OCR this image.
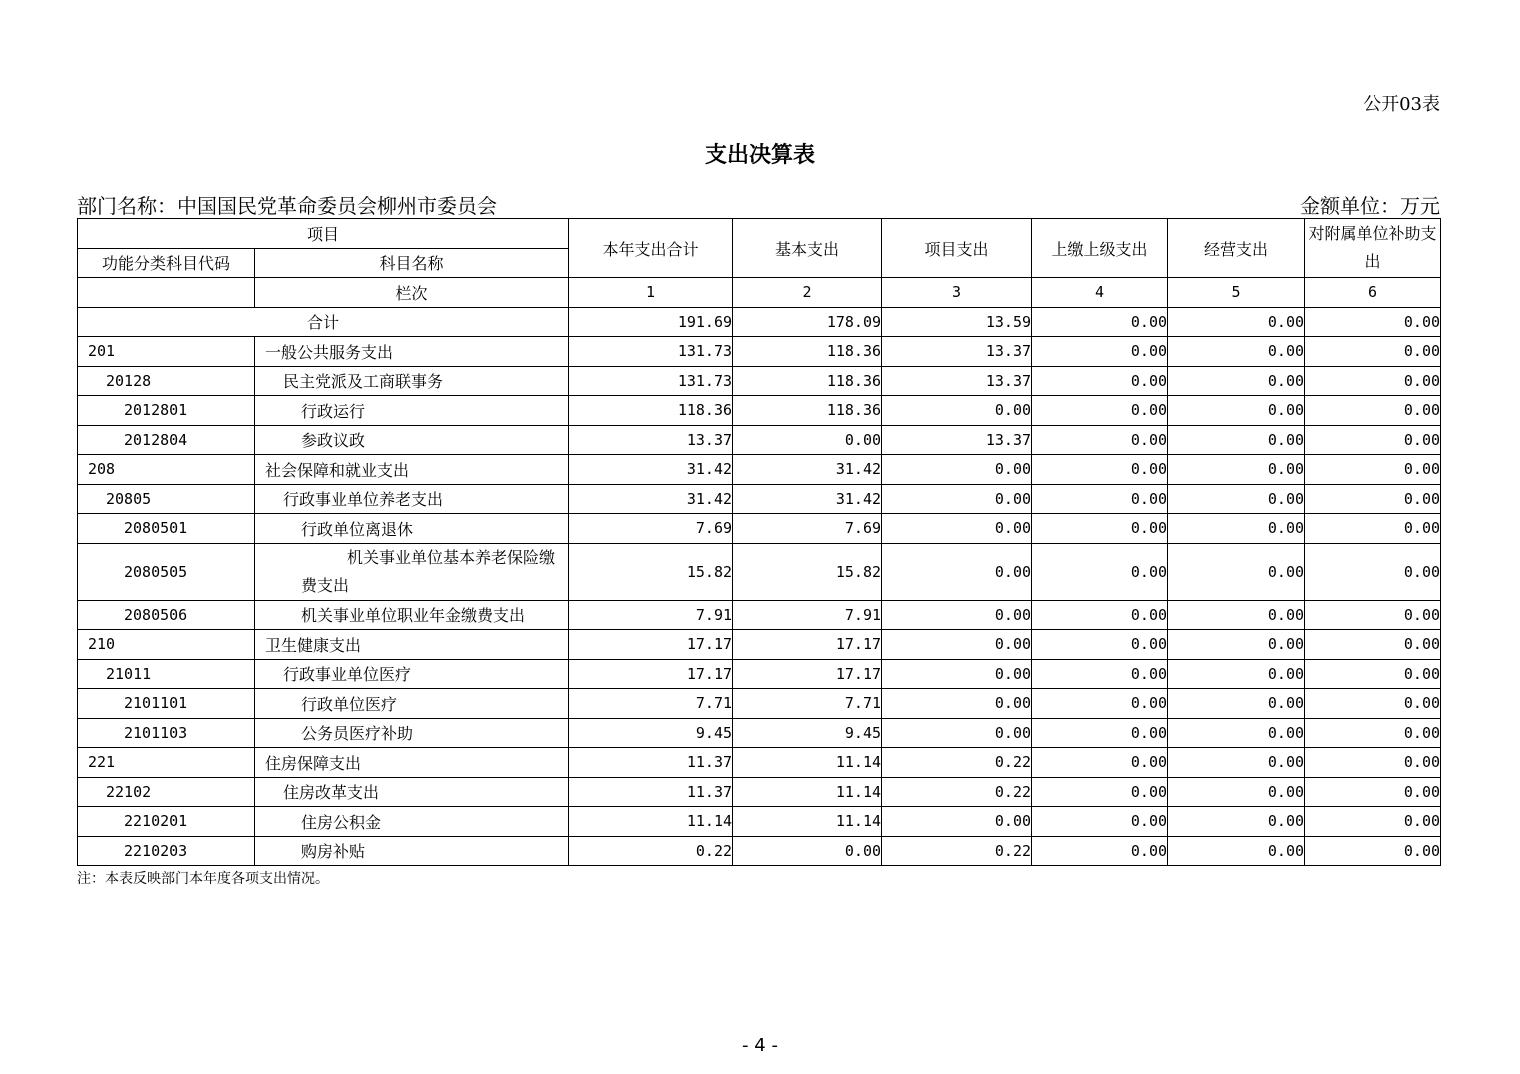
公开03表
支出决算表
部门名称：中国国民党革命委员会柳州市委员会	金额单位：万元
项目		本年支出合计	基本支出	项目支出	上缴上级支出	经营支出	对附属单位补助支出
功能分类科目代码	科目名称						
	栏次	1	2	3	4	5	6
合计		191.69	178.09	13.59	0.00	0.00	0.00
201	一般公共服务支出	131.73	118.36	13.37	0.00	0.00	0.00
20128	民主党派及工商联事务	131.73	118.36	13.37	0.00	0.00	0.00
2012801	行政运行	118.36	118.36	0.00	0.00	0.00	0.00
2012804	参政议政	13.37	0.00	13.37	0.00	0.00	0.00
208	社会保障和就业支出	31.42	31.42	0.00	0.00	0.00	0.00
20805	行政事业单位养老支出	31.42	31.42	0.00	0.00	0.00	0.00
2080501	行政单位离退休	7.69	7.69	0.00	0.00	0.00	0.00
2080505	机关事业单位基本养老保险缴费支出	15.82	15.82	0.00	0.00	0.00	0.00
2080506	机关事业单位职业年金缴费支出	7.91	7.91	0.00	0.00	0.00	0.00
210	卫生健康支出	17.17	17.17	0.00	0.00	0.00	0.00
21011	行政事业单位医疗	17.17	17.17	0.00	0.00	0.00	0.00
2101101	行政单位医疗	7.71	7.71	0.00	0.00	0.00	0.00
2101103	公务员医疗补助	9.45	9.45	0.00	0.00	0.00	0.00
221	住房保障支出	11.37	11.14	0.22	0.00	0.00	0.00
22102	住房改革支出	11.37	11.14	0.22	0.00	0.00	0.00
2210201	住房公积金	11.14	11.14	0.00	0.00	0.00	0.00
2210203	购房补贴	0.22	0.00	0.22	0.00	0.00	0.00
注：本表反映部门本年度各项支出情况。
- 4 -
